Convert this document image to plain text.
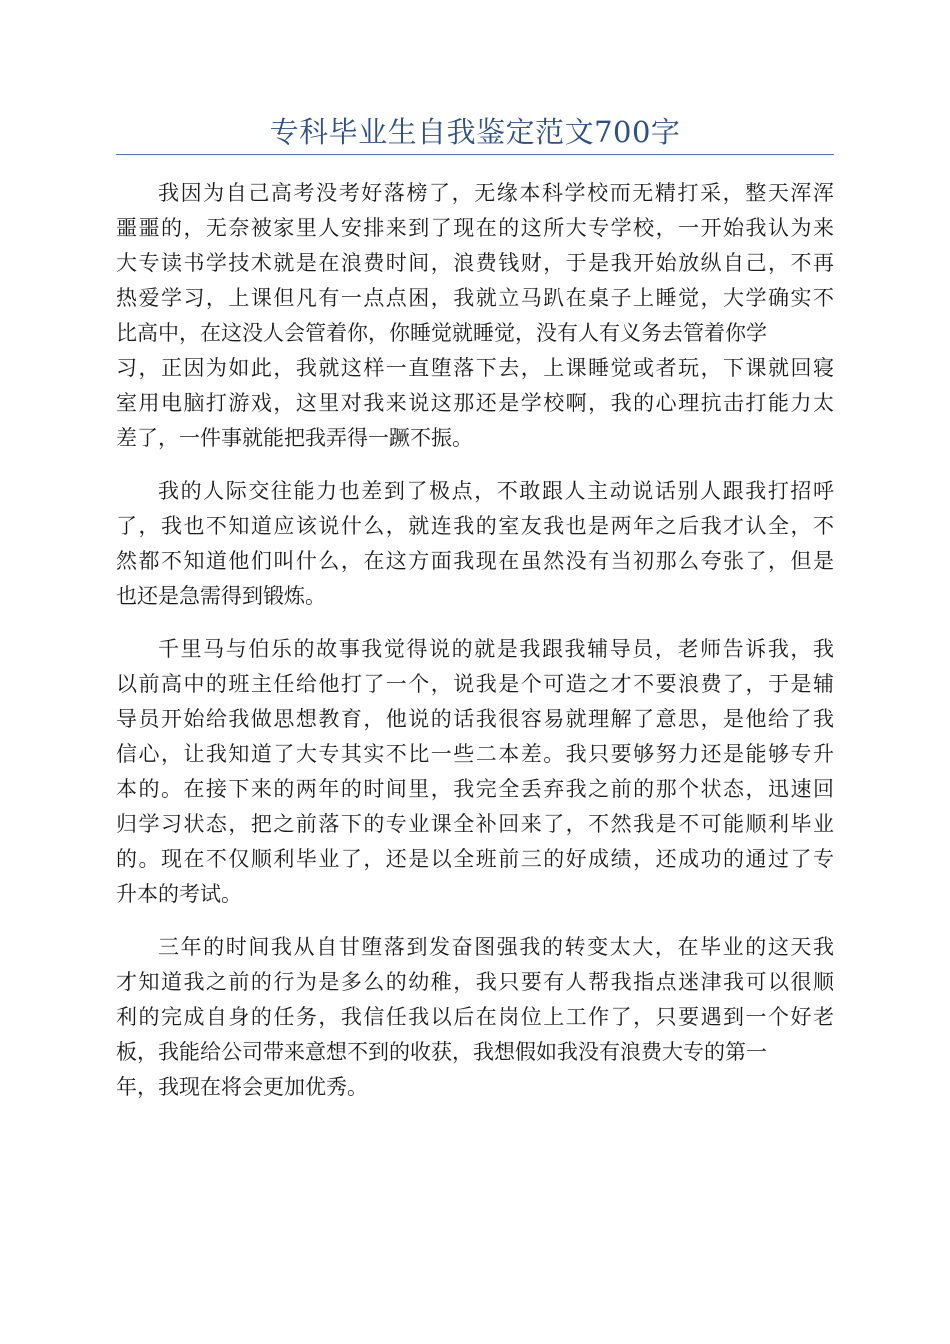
专科毕业生自我鉴定范文700字

我因为自己高考没考好落榜了，无缘本科学校而无精打采，整天浑浑
噩噩的，无奈被家里人安排来到了现在的这所大专学校，一开始我认为来
大专读书学技术就是在浪费时间，浪费钱财，于是我开始放纵自己，不再
热爱学习，上课但凡有一点点困，我就立马趴在桌子上睡觉，大学确实不
比高中，在这没人会管着你，你睡觉就睡觉，没有人有义务去管着你学
习，正因为如此，我就这样一直堕落下去，上课睡觉或者玩，下课就回寝
室用电脑打游戏，这里对我来说这那还是学校啊，我的心理抗击打能力太
差了，一件事就能把我弄得一蹶不振。

我的人际交往能力也差到了极点，不敢跟人主动说话别人跟我打招呼
了，我也不知道应该说什么，就连我的室友我也是两年之后我才认全，不
然都不知道他们叫什么，在这方面我现在虽然没有当初那么夸张了，但是
也还是急需得到锻炼。

千里马与伯乐的故事我觉得说的就是我跟我辅导员，老师告诉我，我
以前高中的班主任给他打了一个，说我是个可造之才不要浪费了，于是辅
导员开始给我做思想教育，他说的话我很容易就理解了意思，是他给了我
信心，让我知道了大专其实不比一些二本差。我只要够努力还是能够专升
本的。在接下来的两年的时间里，我完全丢弃我之前的那个状态，迅速回
归学习状态，把之前落下的专业课全补回来了，不然我是不可能顺利毕业
的。现在不仅顺利毕业了，还是以全班前三的好成绩，还成功的通过了专
升本的考试。

三年的时间我从自甘堕落到发奋图强我的转变太大，在毕业的这天我
才知道我之前的行为是多么的幼稚，我只要有人帮我指点迷津我可以很顺
利的完成自身的任务，我信任我以后在岗位上工作了，只要遇到一个好老
板，我能给公司带来意想不到的收获，我想假如我没有浪费大专的第一
年，我现在将会更加优秀。
